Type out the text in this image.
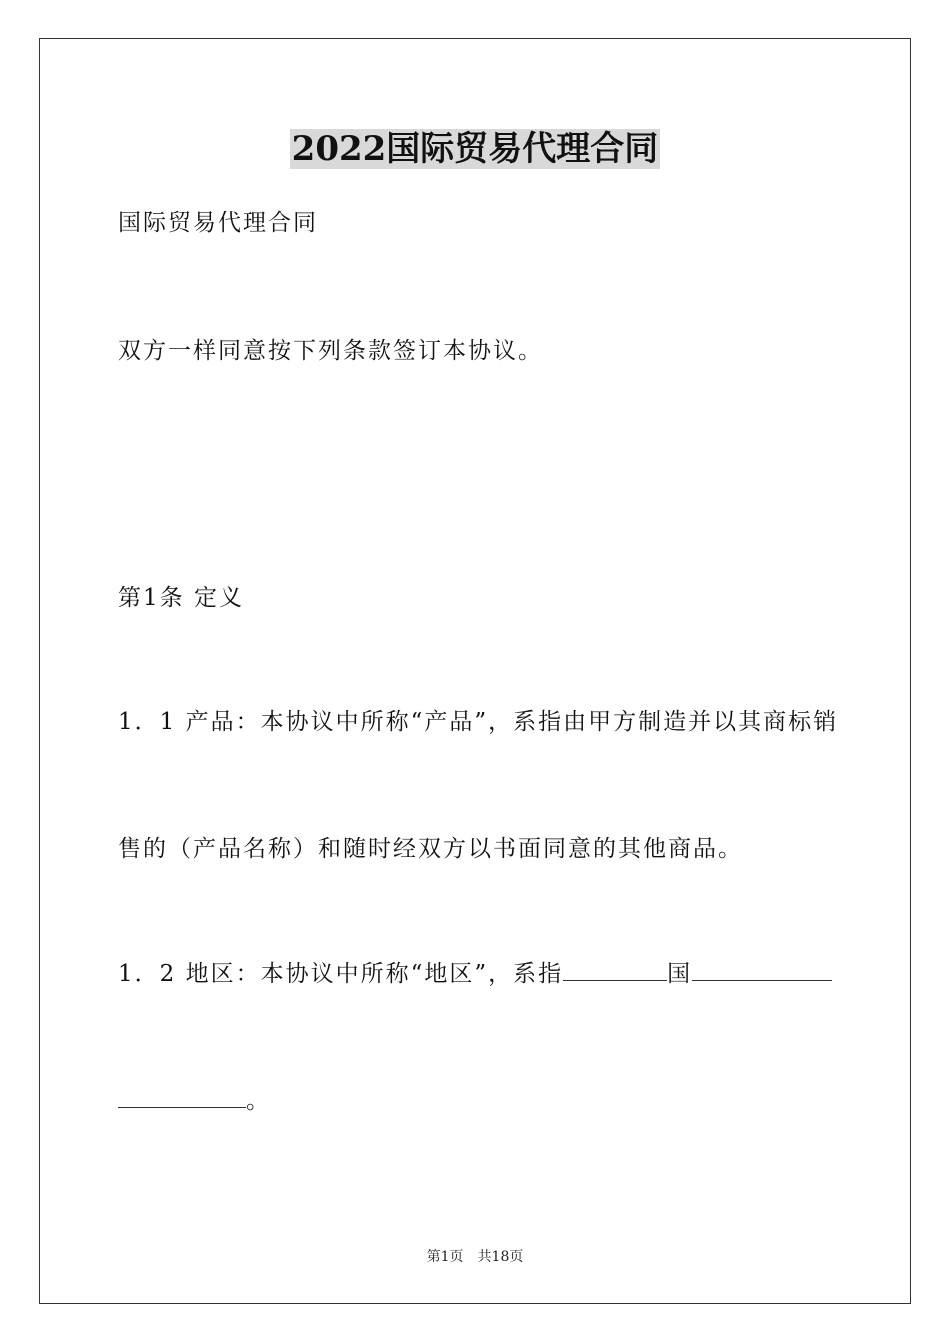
2022国际贸易代理合同

国际贸易代理合同

双方一样同意按下列条款签订本协议。

第1条 定义

1．1 产品：本协议中所称“产品”，系指由甲方制造并以其商标销

售的（产品名称）和随时经双方以书面同意的其他商品。

1．2 地区：本协议中所称“地区”，系指	国

。

第1页 共18页
